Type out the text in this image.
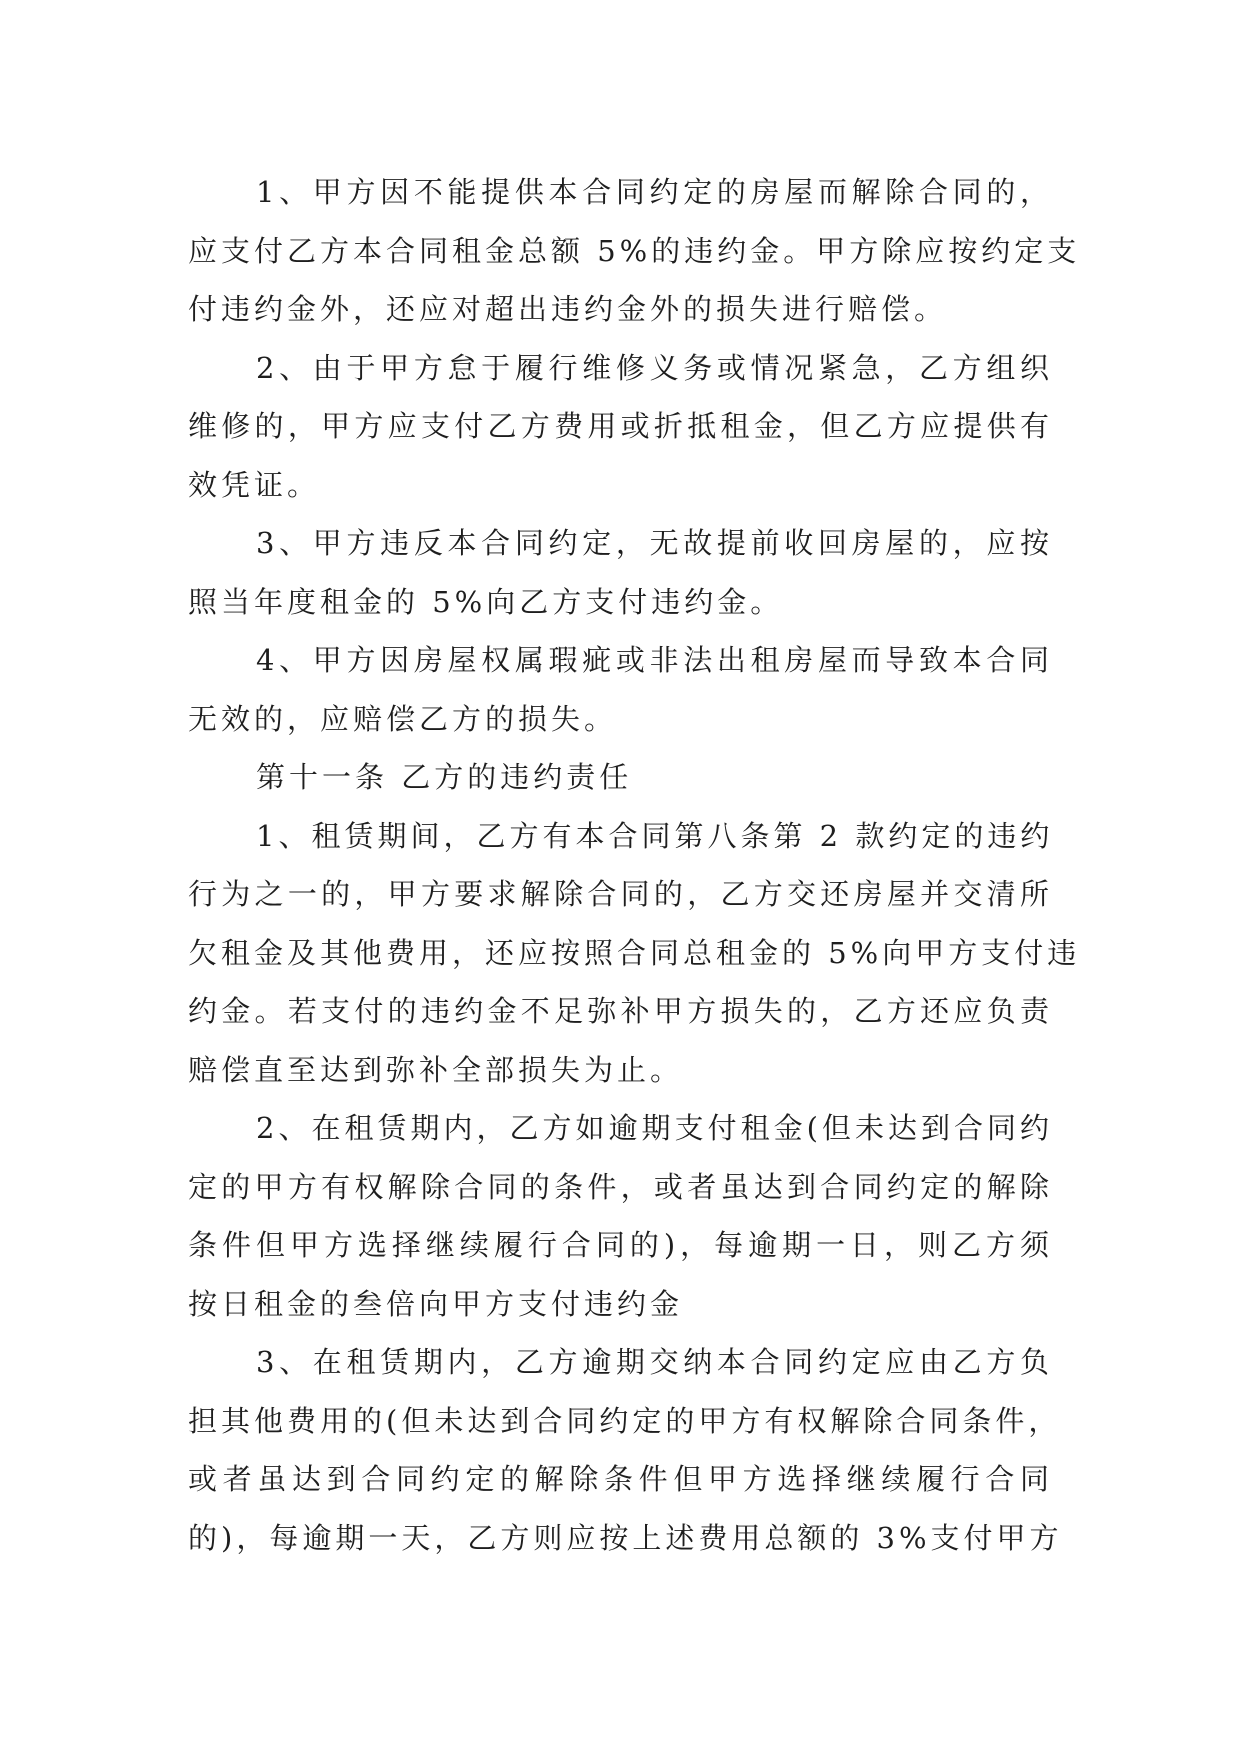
1、甲方因不能提供本合同约定的房屋而解除合同的，
应支付乙方本合同租金总额 5%的违约金。甲方除应按约定支
付违约金外，还应对超出违约金外的损失进行赔偿。
2、由于甲方怠于履行维修义务或情况紧急，乙方组织
维修的，甲方应支付乙方费用或折抵租金，但乙方应提供有
效凭证。
3、甲方违反本合同约定，无故提前收回房屋的，应按
照当年度租金的 5%向乙方支付违约金。
4、甲方因房屋权属瑕疵或非法出租房屋而导致本合同
无效的，应赔偿乙方的损失。
第十一条 乙方的违约责任
1、租赁期间，乙方有本合同第八条第 2 款约定的违约
行为之一的，甲方要求解除合同的，乙方交还房屋并交清所
欠租金及其他费用，还应按照合同总租金的 5%向甲方支付违
约金。若支付的违约金不足弥补甲方损失的，乙方还应负责
赔偿直至达到弥补全部损失为止。
2、在租赁期内，乙方如逾期支付租金(但未达到合同约
定的甲方有权解除合同的条件，或者虽达到合同约定的解除
条件但甲方选择继续履行合同的)，每逾期一日，则乙方须
按日租金的叁倍向甲方支付违约金
3、在租赁期内，乙方逾期交纳本合同约定应由乙方负
担其他费用的(但未达到合同约定的甲方有权解除合同条件，
或者虽达到合同约定的解除条件但甲方选择继续履行合同
的)，每逾期一天，乙方则应按上述费用总额的 3%支付甲方
